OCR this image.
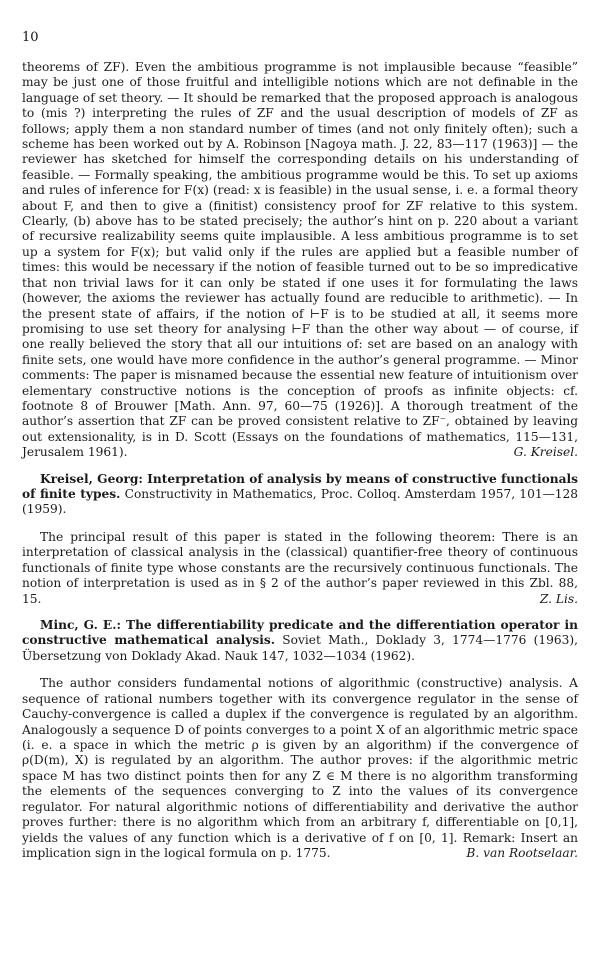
10

theorems of ZF). Even the ambitious programme is not implausible because “feasible” may be just one of those fruitful and intelligible notions which are not definable in the language of set theory. — It should be remarked that the proposed approach is analogous to (mis ?) interpreting the rules of ZF and the usual description of models of ZF as follows; apply them a non standard number of times (and not only finitely often); such a scheme has been worked out by A. Robinson [Nagoya math. J. 22, 83—117 (1963)] — the reviewer has sketched for himself the corresponding details on his understanding of feasible. — Formally speaking, the ambitious programme would be this. To set up axioms and rules of inference for F(x) (read: x is feasible) in the usual sense, i. e. a formal theory about F, and then to give a (finitist) consistency proof for ZF relative to this system. Clearly, (b) above has to be stated precisely; the author’s hint on p. 220 about a variant of recursive realizability seems quite implausible. A less ambitious programme is to set up a system for F(x); but valid only if the rules are applied but a feasible number of times: this would be necessary if the notion of feasible turned out to be so impredicative that non trivial laws for it can only be stated if one uses it for formulating the laws (however, the axioms the reviewer has actually found are reducible to arithmetic). — In the present state of affairs, if the notion of ⊢F is to be studied at all, it seems more promising to use set theory for analysing ⊢F than the other way about — of course, if one really believed the story that all our intuitions of: set are based on an analogy with finite sets, one would have more confidence in the author’s general programme. — Minor comments: The paper is misnamed because the essential new feature of intuitionism over elementary constructive notions is the conception of proofs as infinite objects: cf. footnote 8 of Brouwer [Math. Ann. 97, 60—75 (1926)]. A thorough treatment of the author’s assertion that ZF can be proved consistent relative to ZF⁻, obtained by leaving out extensionality, is in D. Scott (Essays on the foundations of mathematics, 115—131, Jerusalem 1961).	G. Kreisel.

Kreisel, Georg: Interpretation of analysis by means of constructive functionals of finite types. Constructivity in Mathematics, Proc. Colloq. Amsterdam 1957, 101—128 (1959).

The principal result of this paper is stated in the following theorem: There is an interpretation of classical analysis in the (classical) quantifier-free theory of continuous functionals of finite type whose constants are the recursively continuous functionals. The notion of interpretation is used as in § 2 of the author’s paper reviewed in this Zbl. 88, 15.	Z. Lis.

Minc, G. E.: The differentiability predicate and the differentiation operator in constructive mathematical analysis. Soviet Math., Doklady 3, 1774—1776 (1963), Übersetzung von Doklady Akad. Nauk 147, 1032—1034 (1962).

The author considers fundamental notions of algorithmic (constructive) analysis. A sequence of rational numbers together with its convergence regulator in the sense of Cauchy-convergence is called a duplex if the convergence is regulated by an algorithm. Analogously a sequence D of points converges to a point X of an algorithmic metric space (i. e. a space in which the metric ρ is given by an algorithm) if the convergence of ρ(D(m), X) is regulated by an algorithm. The author proves: if the algorithmic metric space M has two distinct points then for any Z ∈ M there is no algorithm transforming the elements of the sequences converging to Z into the values of its convergence regulator. For natural algorithmic notions of differentiability and derivative the author proves further: there is no algorithm which from an arbitrary f, differentiable on [0,1], yields the values of any function which is a derivative of f on [0, 1]. Remark: Insert an implication sign in the logical formula on p. 1775.	B. van Rootselaar.
